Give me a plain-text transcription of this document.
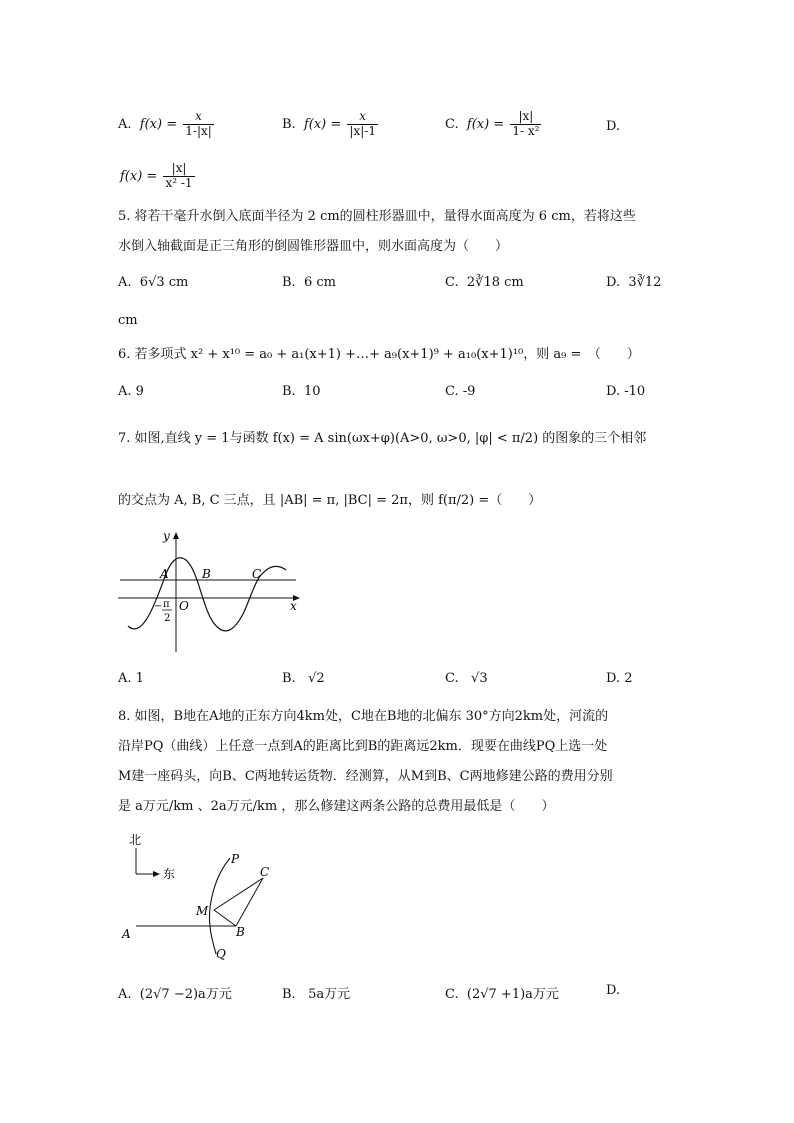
A. $f(x) = \frac{x}{1-|x|}$	B. $f(x) = \frac{x}{|x|-1}$	C. $f(x) = \frac{|x|}{\text{1- x²}}$	D.
$f(x) = \frac{|x|}{\text{x² -1}}$
5. 将若干毫升水倒入底面半径为 2 cm的圆柱形器皿中，量得水面高度为 6 cm，若将这些
水倒入轴截面是正三角形的倒圆锥形器皿中，则水面高度为（　　）
A. 6√3 cm	B. 6 cm	C. 2∛18 cm	D. 3∛12
cm
6. 若多项式 x² + x¹⁰ = a₀ + a₁(x+1) +…+ a₉(x+1)⁹ + a₁₀(x+1)¹⁰，则 a₉ =　（　　）
A. 9	B. 10	C. -9	D. -10
7. 如图,直线 y = 1与函数 f(x) = A sin(ωx+φ)(A>0, ω>0, |φ| < π/2) 的图象的三个相邻
的交点为 A, B, C 三点，且 |AB| = π, |BC| = 2π，则 f(π/2) =（　　）
y
A	B	C
O	x
− π
2
A. 1	B. √2	C. √3	D. 2
8. 如图，B地在A地的正东方向4km处，C地在B地的北偏东 30°方向2km处，河流的
沿岸PQ（曲线）上任意一点到A的距离比到B的距离远2km．现要在曲线PQ上选一处
M建一座码头，向B、C两地转运货物．经测算，从M到B、C两地修建公路的费用分别
是 a万元/km 、2a万元/km ，那么修建这两条公路的总费用最低是（　　）
北
东
P
C
M
A	B
Q
A. (2√7 −2)a万元	B. 5a万元	C. (2√7 +1)a万元	D.
